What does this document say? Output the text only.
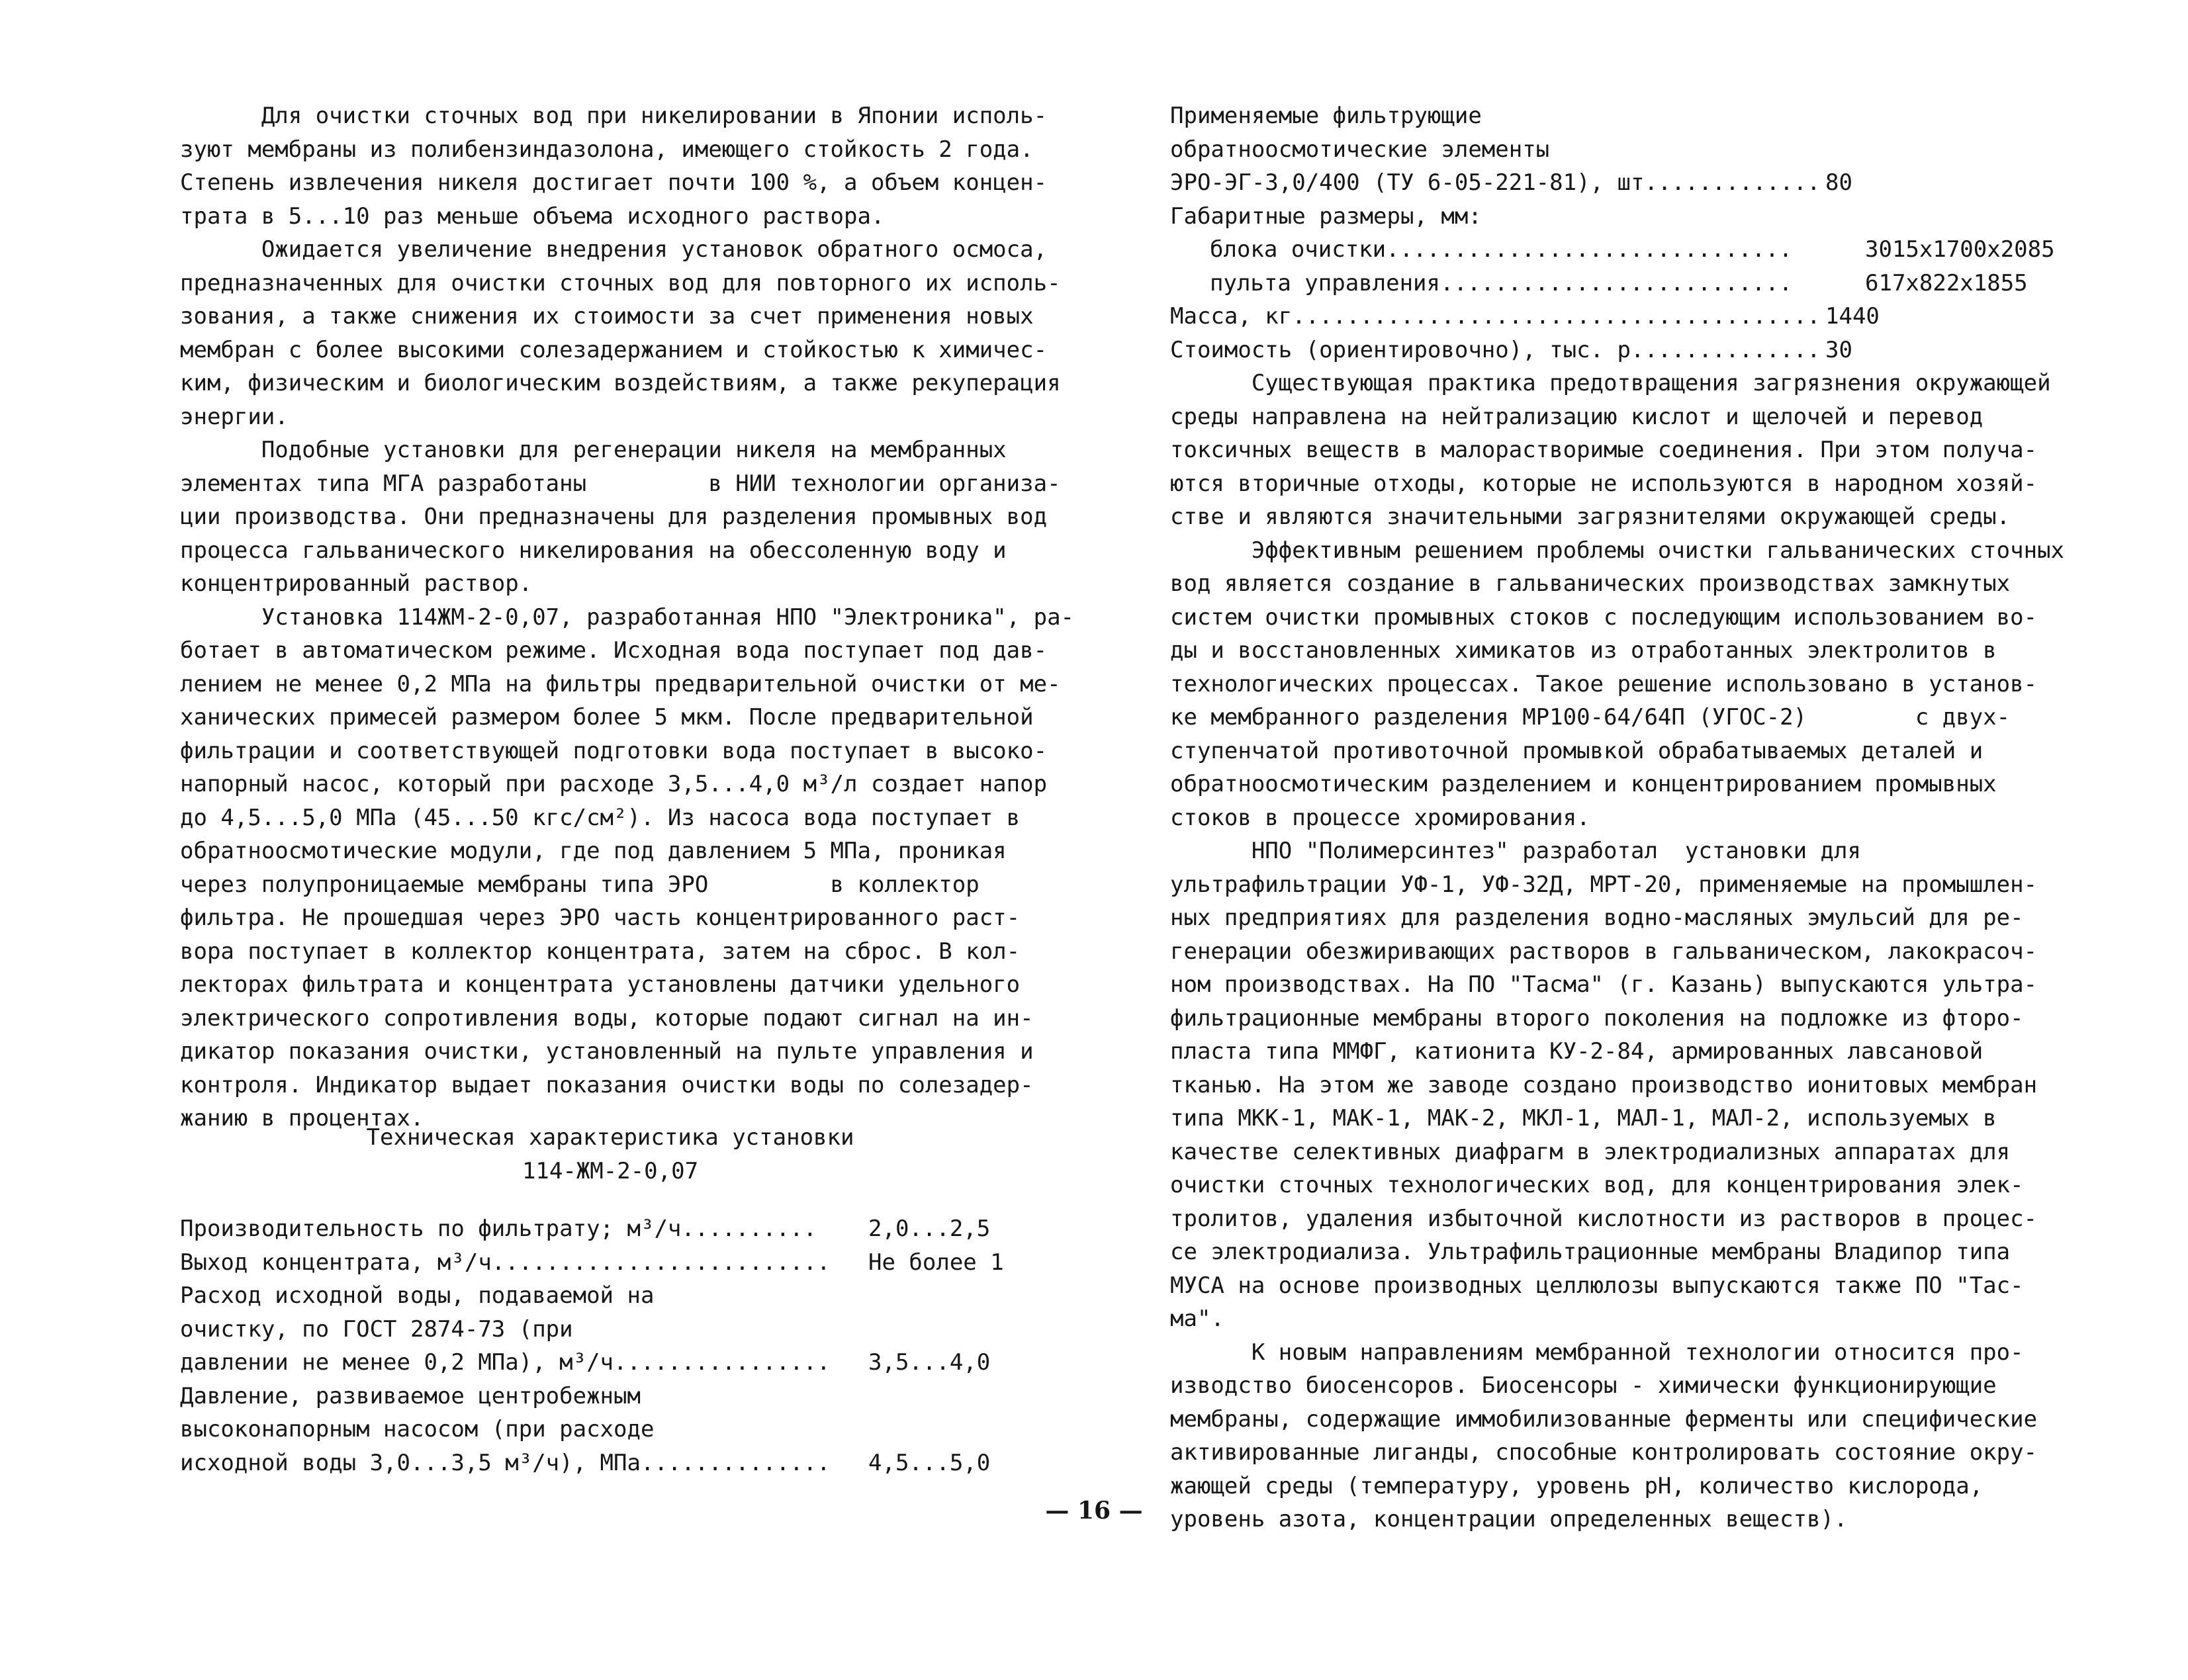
Для очистки сточных вод при никелировании в Японии исполь-
зуют мембраны из полибензиндазолона, имеющего стойкость 2 года.
Степень извлечения никеля достигает почти 100 %, а объем концен-
трата в 5...10 раз меньше объема исходного раствора.
Ожидается увеличение внедрения установок обратного осмоса,
предназначенных для очистки сточных вод для повторного их исполь-
зования, а также снижения их стоимости за счет применения новых
мембран с более высокими солезадержанием и стойкостью к химичес-
ким, физическим и биологическим воздействиям, а также рекуперация
энергии.
Подобные установки для регенерации никеля на мембранных
элементах типа МГА разработаны         в НИИ технологии организа-
ции производства. Они предназначены для разделения промывных вод
процесса гальванического никелирования на обессоленную воду и
концентрированный раствор.
Установка 114ЖМ-2-0,07, разработанная НПО "Электроника", ра-
ботает в автоматическом режиме. Исходная вода поступает под дав-
лением не менее 0,2 МПа на фильтры предварительной очистки от ме-
ханических примесей размером более 5 мкм. После предварительной
фильтрации и соответствующей подготовки вода поступает в высоко-
напорный насос, который при расходе 3,5...4,0 м³/л создает напор
до 4,5...5,0 МПа (45...50 кгс/см²). Из насоса вода поступает в
обратноосмотические модули, где под давлением 5 МПа, проникая
через полупроницаемые мембраны типа ЭРО         в коллектор
фильтра. Не прошедшая через ЭРО часть концентрированного раст-
вора поступает в коллектор концентрата, затем на сброс. В кол-
лекторах фильтрата и концентрата установлены датчики удельного
электрического сопротивления воды, которые подают сигнал на ин-
дикатор показания очистки, установленный на пульте управления и
контроля. Индикатор выдает показания очистки воды по солезадер-
жанию в процентах.
Техническая характеристика установки
114-ЖМ-2-0,07
Производительность по фильтрату; м³/ч.......... 2,0...2,5
Выход концентрата, м³/ч......................... Не более 1
Расход исходной воды, подаваемой на
очистку, по ГОСТ 2874-73 (при
давлении не менее 0,2 МПа), м³/ч................ 3,5...4,0
Давление, развиваемое центробежным
высоконапорным насосом (при расходе
исходной воды 3,0...3,5 м³/ч), МПа.............. 4,5...5,0
Применяемые фильтрующие
обратноосмотические элементы
ЭРО-ЭГ-3,0/400 (ТУ 6-05-221-81), шт............. 80
Габаритные размеры, мм:
блока очистки..............................	3015x1700x2085
пульта управления..........................	617x822x1855
Масса, кг....................................... 1440
Стоимость (ориентировочно), тыс. р.............. 30
Существующая практика предотвращения загрязнения окружающей
среды направлена на нейтрализацию кислот и щелочей и перевод
токсичных веществ в малорастворимые соединения. При этом получа-
ются вторичные отходы, которые не используются в народном хозяй-
стве и являются значительными загрязнителями окружающей среды.
Эффективным решением проблемы очистки гальванических сточных
вод является создание в гальванических производствах замкнутых
систем очистки промывных стоков с последующим использованием во-
ды и восстановленных химикатов из отработанных электролитов в
технологических процессах. Такое решение использовано в установ-
ке мембранного разделения МР100-64/64П (УГОС-2)        с двух-
ступенчатой противоточной промывкой обрабатываемых деталей и
обратноосмотическим разделением и концентрированием промывных
стоков в процессе хромирования.
НПО "Полимерсинтез" разработал  установки для
ультрафильтрации УФ-1, УФ-32Д, МРТ-20, применяемые на промышлен-
ных предприятиях для разделения водно-масляных эмульсий для ре-
генерации обезжиривающих растворов в гальваническом, лакокрасоч-
ном производствах. На ПО "Тасма" (г. Казань) выпускаются ультра-
фильтрационные мембраны второго поколения на подложке из фторо-
пласта типа ММФГ, катионита КУ-2-84, армированных лавсановой
тканью. На этом же заводе создано производство ионитовых мембран
типа МКК-1, МАК-1, МАК-2, МКЛ-1, МАЛ-1, МАЛ-2, используемых в
качестве селективных диафрагм в электродиализных аппаратах для
очистки сточных технологических вод, для концентрирования элек-
тролитов, удаления избыточной кислотности из растворов в процес-
се электродиализа. Ультрафильтрационные мембраны Владипор типа
МУСА на основе производных целлюлозы выпускаются также ПО "Тас-
ма".
К новым направлениям мембранной технологии относится про-
изводство биосенсоров. Биосенсоры - химически функционирующие
мембраны, содержащие иммобилизованные ферменты или специфические
активированные лиганды, способные контролировать состояние окру-
жающей среды (температуру, уровень рН, количество кислорода,
уровень азота, концентрации определенных веществ).
— 16 —
